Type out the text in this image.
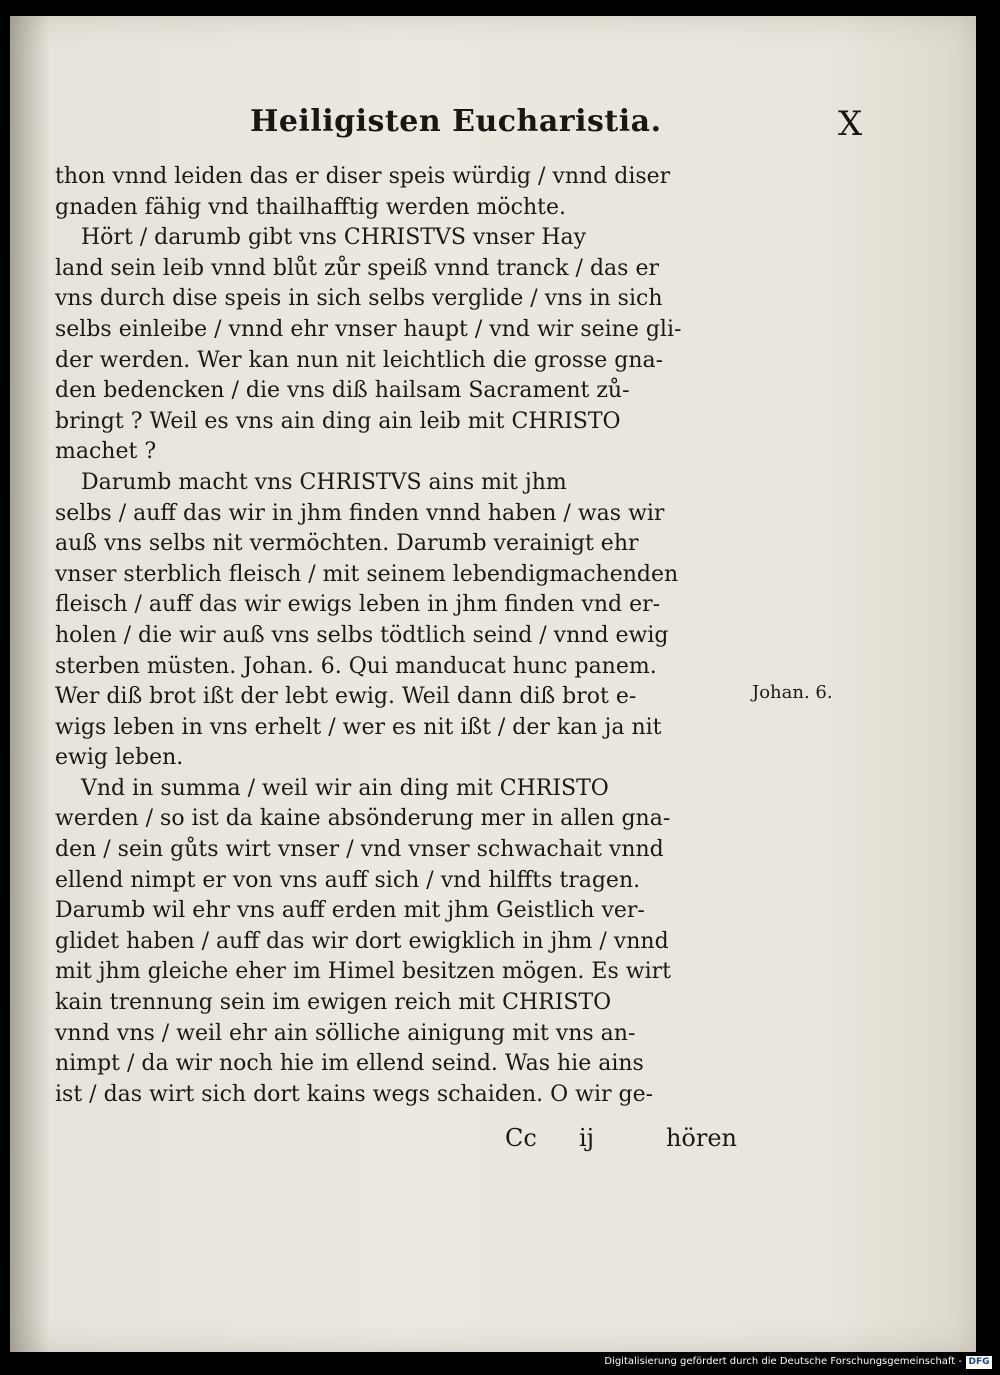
Heiligisten Eucharistia.	X
thon vnnd leiden das er diser speis würdig / vnnd diser
gnaden fähig vnd thailhafftig werden möchte.
Hört / darumb gibt vns CHRISTVS vnser Hay
land sein leib vnnd blůt zůr speiß vnnd tranck / das er
vns durch dise speis in sich selbs verglide / vns in sich
selbs einleibe / vnnd ehr vnser haupt / vnd wir seine gli-
der werden. Wer kan nun nit leichtlich die grosse gna-
den bedencken / die vns diß hailsam Sacrament zů-
bringt ? Weil es vns ain ding ain leib mit CHRISTO
machet ?
Darumb macht vns CHRISTVS ains mit jhm
selbs / auff das wir in jhm finden vnnd haben / was wir
auß vns selbs nit vermöchten. Darumb verainigt ehr
vnser sterblich fleisch / mit seinem lebendigmachenden
fleisch / auff das wir ewigs leben in jhm finden vnd er-
holen / die wir auß vns selbs tödtlich seind / vnnd ewig
sterben müsten. Johan. 6. Qui manducat hunc panem.
Wer diß brot ißt der lebt ewig. Weil dann diß brot e-
wigs leben in vns erhelt / wer es nit ißt / der kan ja nit
ewig leben.
Vnd in summa / weil wir ain ding mit CHRISTO
werden / so ist da kaine absönderung mer in allen gna-
den / sein gůts wirt vnser / vnd vnser schwachait vnnd
ellend nimpt er von vns auff sich / vnd hilffts tragen.
Darumb wil ehr vns auff erden mit jhm Geistlich ver-
glidet haben / auff das wir dort ewigklich in jhm / vnnd
mit jhm gleiche eher im Himel besitzen mögen. Es wirt
kain trennung sein im ewigen reich mit CHRISTO
vnnd vns / weil ehr ain sölliche ainigung mit vns an-
nimpt / da wir noch hie im ellend seind. Was hie ains
ist / das wirt sich dort kains wegs schaiden. O wir ge-
Johan. 6.
Cc ij	hören
Digitalisierung gefördert durch die Deutsche Forschungsgemeinschaft - DFG
